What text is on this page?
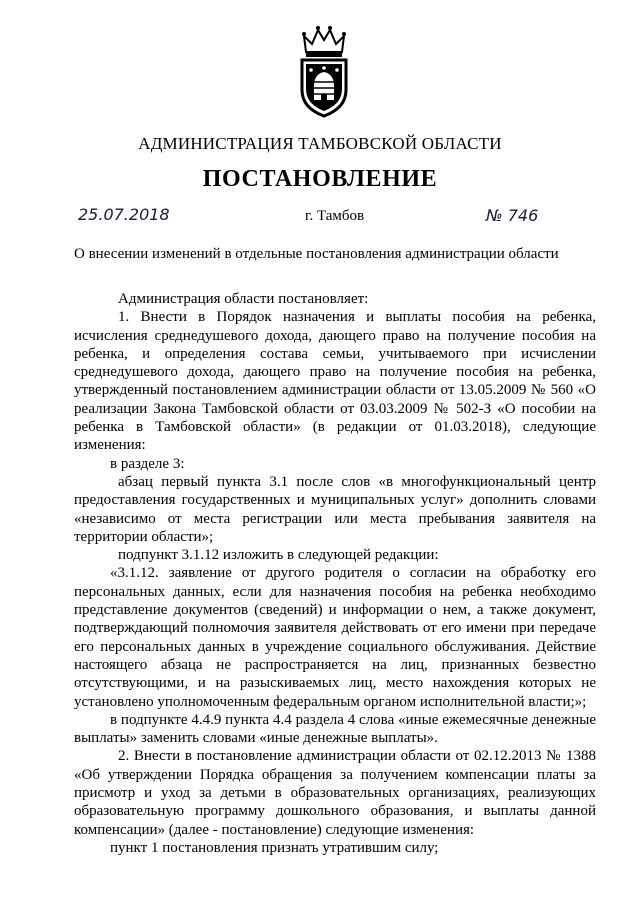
АДМИНИСТРАЦИЯ ТАМБОВСКОЙ ОБЛАСТИ
ПОСТАНОВЛЕНИЕ
25.07.2018	г. Тамбов	№ 746
О внесении изменений в отдельные постановления администрации области

Администрация области постановляет:

1. Внести в Порядок назначения и выплаты пособия на ребенка, исчисления среднедушевого дохода, дающего право на получение пособия на ребенка, и определения состава семьи, учитываемого при исчислении среднедушевого дохода, дающего право на получение пособия на ребенка, утвержденный постановлением администрации области от 13.05.2009 № 560 «О реализации Закона Тамбовской области от 03.03.2009 № 502-З «О пособии на ребенка в Тамбовской области» (в редакции от 01.03.2018), следующие изменения:

в разделе 3:

абзац первый пункта 3.1 после слов «в многофункциональный центр предоставления государственных и муниципальных услуг» дополнить словами «независимо от места регистрации или места пребывания заявителя на территории области»;

подпункт 3.1.12 изложить в следующей редакции:

«3.1.12. заявление от другого родителя о согласии на обработку его персональных данных, если для назначения пособия на ребенка необходимо представление документов (сведений) и информации о нем, а также документ, подтверждающий полномочия заявителя действовать от его имени при передаче его персональных данных в учреждение социального обслуживания. Действие настоящего абзаца не распространяется на лиц, признанных безвестно отсутствующими, и на разыскиваемых лиц, место нахождения которых не установлено уполномоченным федеральным органом исполнительной власти;»;

в подпункте 4.4.9 пункта 4.4 раздела 4 слова «иные ежемесячные денежные выплаты» заменить словами «иные денежные выплаты».

2. Внести в постановление администрации области от 02.12.2013 № 1388 «Об утверждении Порядка обращения за получением компенсации платы за присмотр и уход за детьми в образовательных организациях, реализующих образовательную программу дошкольного образования, и выплаты данной компенсации» (далее - постановление) следующие изменения:

пункт 1 постановления признать утратившим силу;
